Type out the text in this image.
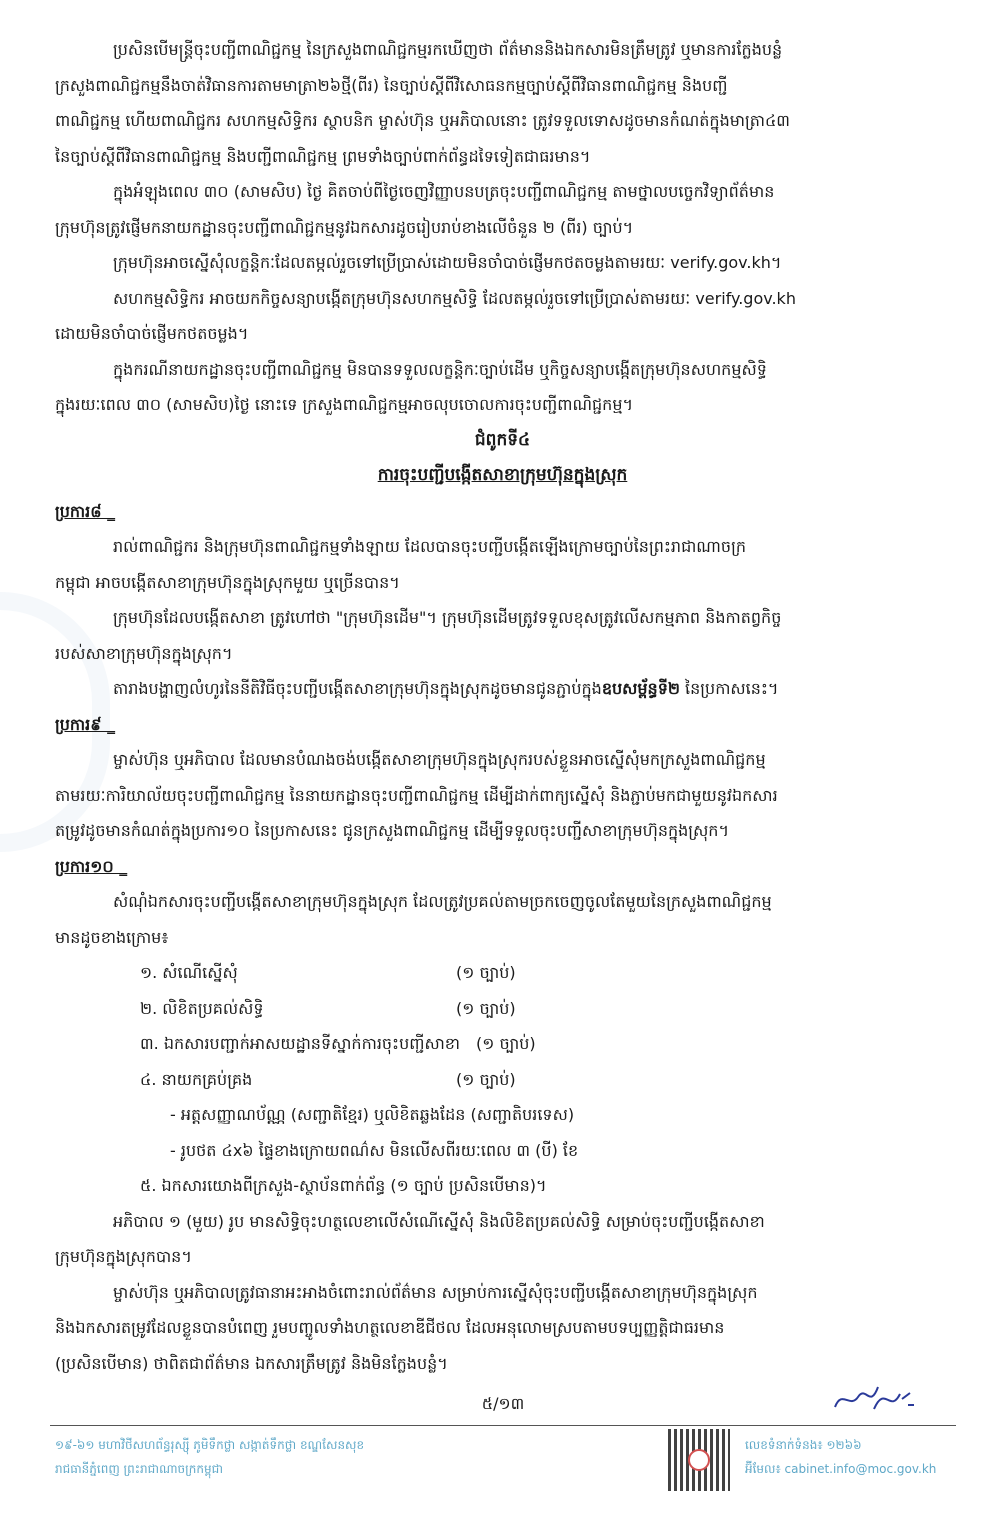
ប្រសិនបើមន្ត្រីចុះបញ្ជីពាណិជ្ជកម្ម នៃក្រសួងពាណិជ្ជកម្មរកឃើញថា ព័ត៌មាននិងឯកសារមិនត្រឹមត្រូវ ឬមានការក្លែងបន្លំ
ក្រសួងពាណិជ្ជកម្មនឹងចាត់វិធានការតាមមាត្រា២៦ថ្មី(ពីរ) នៃច្បាប់ស្តីពីវិសោធនកម្មច្បាប់ស្តីពីវិធានពាណិជ្ជកម្ម និងបញ្ជី
ពាណិជ្ជកម្ម ហើយពាណិជ្ជករ សហកម្មសិទ្ធិករ ស្ថាបនិក ម្ចាស់ហ៊ុន ឬអភិបាលនោះ ត្រូវទទួលទោសដូចមានកំណត់ក្នុងមាត្រា៤៣
នៃច្បាប់ស្តីពីវិធានពាណិជ្ជកម្ម និងបញ្ជីពាណិជ្ជកម្ម ព្រមទាំងច្បាប់ពាក់ព័ន្ធដទៃទៀតជាធរមាន។
ក្នុងអំឡុងពេល ៣០ (សាមសិប) ថ្ងៃ គិតចាប់ពីថ្ងៃចេញវិញ្ញាបនបត្រចុះបញ្ជីពាណិជ្ជកម្ម តាមថ្នាលបច្ចេកវិទ្យាព័ត៌មាន
ក្រុមហ៊ុនត្រូវផ្ញើមកនាយកដ្ឋានចុះបញ្ជីពាណិជ្ជកម្មនូវឯកសារដូចរៀបរាប់ខាងលើចំនួន ២ (ពីរ) ច្បាប់។
ក្រុមហ៊ុនអាចស្នើសុំលក្ខន្តិកៈដែលតម្កល់រួចទៅប្រើប្រាស់ដោយមិនចាំបាច់ផ្ញើមកថតចម្លងតាមរយៈ verify.gov.kh។
សហកម្មសិទ្ធិករ អាចយកកិច្ចសន្យាបង្កើតក្រុមហ៊ុនសហកម្មសិទ្ធិ ដែលតម្កល់រួចទៅប្រើប្រាស់តាមរយៈ verify.gov.kh
ដោយមិនចាំបាច់ផ្ញើមកថតចម្លង។
ក្នុងករណីនាយកដ្ឋានចុះបញ្ជីពាណិជ្ជកម្ម មិនបានទទួលលក្ខន្តិកៈច្បាប់ដើម ឬកិច្ចសន្យាបង្កើតក្រុមហ៊ុនសហកម្មសិទ្ធិ
ក្នុងរយៈពេល ៣០ (សាមសិប)ថ្ងៃ នោះទេ ក្រសួងពាណិជ្ជកម្មអាចលុបចោលការចុះបញ្ជីពាណិជ្ជកម្ម។
ជំពូកទី៤
ការចុះបញ្ជីបង្កើតសាខាក្រុមហ៊ុនក្នុងស្រុក
ប្រការ៨ _
រាល់ពាណិជ្ជករ និងក្រុមហ៊ុនពាណិជ្ជកម្មទាំងឡាយ ដែលបានចុះបញ្ជីបង្កើតឡើងក្រោមច្បាប់នៃព្រះរាជាណាចក្រ
កម្ពុជា អាចបង្កើតសាខាក្រុមហ៊ុនក្នុងស្រុកមួយ ឬច្រើនបាន។
ក្រុមហ៊ុនដែលបង្កើតសាខា ត្រូវហៅថា "ក្រុមហ៊ុនដើម"។ ក្រុមហ៊ុនដើមត្រូវទទួលខុសត្រូវលើសកម្មភាព និងកាតព្វកិច្ច
របស់សាខាក្រុមហ៊ុនក្នុងស្រុក។
តារាងបង្ហាញលំហូរនៃនីតិវិធីចុះបញ្ជីបង្កើតសាខាក្រុមហ៊ុនក្នុងស្រុកដូចមានជូនភ្ជាប់ក្នុងឧបសម្ព័ន្ធទី២ នៃប្រកាសនេះ។
ប្រការ៩ _
ម្ចាស់ហ៊ុន ឬអភិបាល ដែលមានបំណងចង់បង្កើតសាខាក្រុមហ៊ុនក្នុងស្រុករបស់ខ្លួនអាចស្នើសុំមកក្រសួងពាណិជ្ជកម្ម
តាមរយៈការិយាល័យចុះបញ្ជីពាណិជ្ជកម្ម នៃនាយកដ្ឋានចុះបញ្ជីពាណិជ្ជកម្ម ដើម្បីដាក់ពាក្យស្នើសុំ និងភ្ជាប់មកជាមួយនូវឯកសារ
តម្រូវដូចមានកំណត់ក្នុងប្រការ១០ នៃប្រកាសនេះ ជូនក្រសួងពាណិជ្ជកម្ម ដើម្បីទទួលចុះបញ្ជីសាខាក្រុមហ៊ុនក្នុងស្រុក។
ប្រការ១០ _
សំណុំឯកសារចុះបញ្ជីបង្កើតសាខាក្រុមហ៊ុនក្នុងស្រុក ដែលត្រូវប្រគល់តាមច្រកចេញចូលតែមួយនៃក្រសួងពាណិជ្ជកម្ម
មានដូចខាងក្រោម៖
១. សំណើស្នើសុំ	(១ ច្បាប់)
២. លិខិតប្រគល់សិទ្ធិ	(១ ច្បាប់)
៣. ឯកសារបញ្ជាក់អាសយដ្ឋានទីស្នាក់ការចុះបញ្ជីសាខា (១ ច្បាប់)
៤. នាយកគ្រប់គ្រង	(១ ច្បាប់)
- អត្តសញ្ញាណប័ណ្ណ (សញ្ជាតិខ្មែរ) ឬលិខិតឆ្លងដែន (សញ្ជាតិបរទេស)
- រូបថត ៤x៦ ផ្ទៃខាងក្រោយពណ៌ស មិនលើសពីរយៈពេល ៣ (បី) ខែ
៥. ឯកសារយោងពីក្រសួង-ស្ថាប័នពាក់ព័ន្ធ (១ ច្បាប់ ប្រសិនបើមាន)។
អភិបាល ១ (មួយ) រូប មានសិទ្ធិចុះហត្ថលេខាលើសំណើស្នើសុំ និងលិខិតប្រគល់សិទ្ធិ សម្រាប់ចុះបញ្ជីបង្កើតសាខា
ក្រុមហ៊ុនក្នុងស្រុកបាន។
ម្ចាស់ហ៊ុន ឬអភិបាលត្រូវធានាអះអាងចំពោះរាល់ព័ត៌មាន សម្រាប់ការស្នើសុំចុះបញ្ជីបង្កើតសាខាក្រុមហ៊ុនក្នុងស្រុក
និងឯកសារតម្រូវដែលខ្លួនបានបំពេញ រួមបញ្ចូលទាំងហត្ថលេខាឌីជីថល ដែលអនុលោមស្របតាមបទប្បញ្ញត្តិជាធរមាន
(ប្រសិនបើមាន) ថាពិតជាព័ត៌មាន ឯកសារត្រឹមត្រូវ និងមិនក្លែងបន្លំ។
៥/១៣
១៩-៦១ មហាវិថីសហព័ន្ធរុស្ស៊ី ភូមិទឹកថ្លា សង្កាត់ទឹកថ្លា ខណ្ឌសែនសុខ
រាជធានីភ្នំពេញ ព្រះរាជាណាចក្រកម្ពុជា
លេខទំនាក់ទំនង៖ ១២៦៦
អ៊ីមែល៖ cabinet.info@moc.gov.kh
